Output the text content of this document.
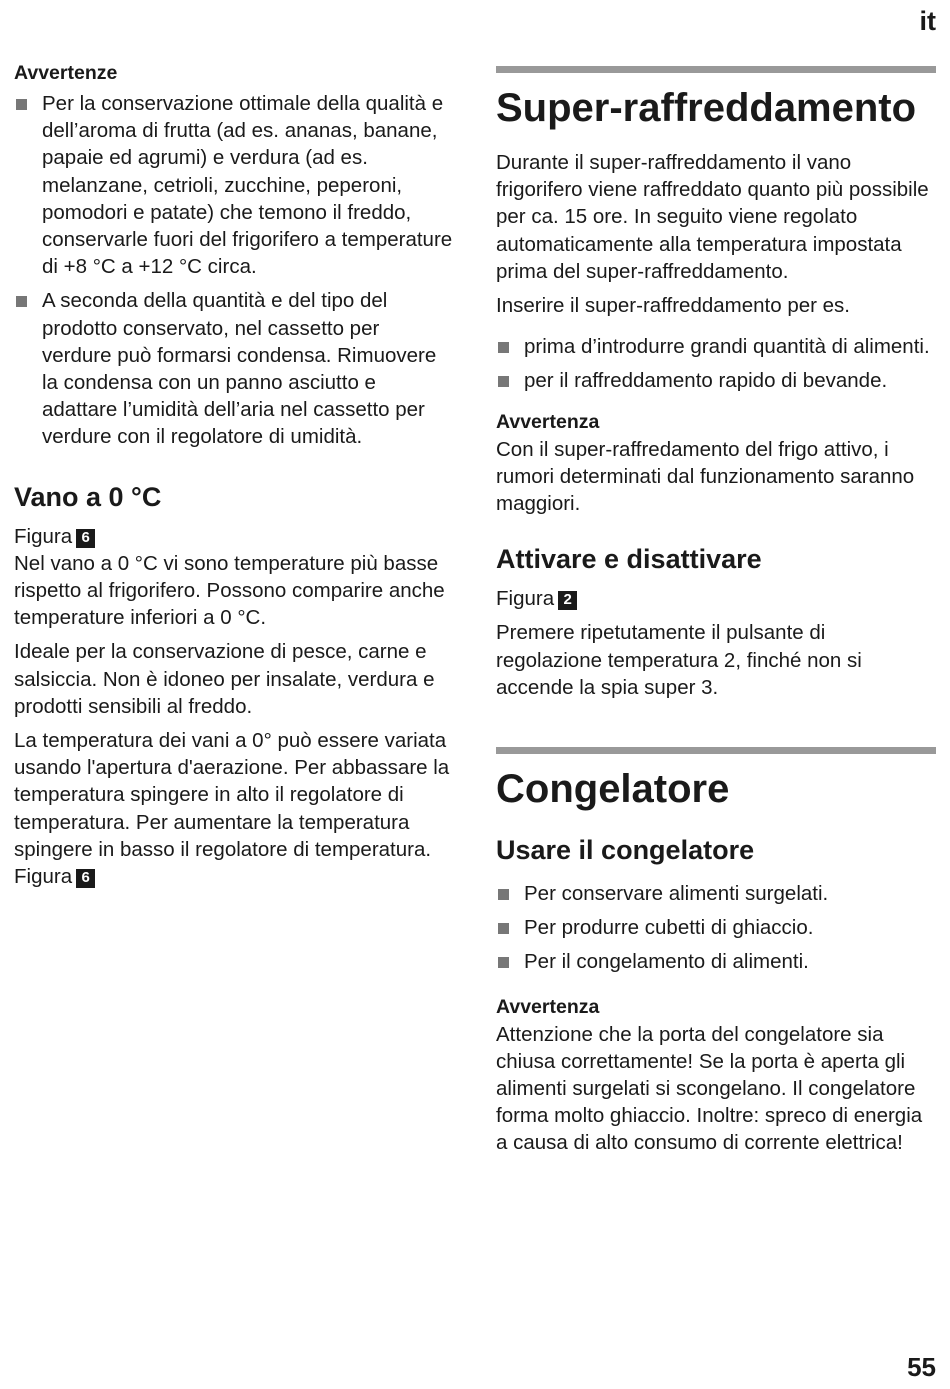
it

Avvertenze

Per la conservazione ottimale della qualità e dell’aroma di frutta (ad es. ananas, banane, papaie ed agrumi) e verdura (ad es. melanzane, cetrioli, zucchine, peperoni, pomodori e patate) che temono il freddo, conservarle fuori del frigorifero a temperature di +8 °C a +12 °C circa.
A seconda della quantità e del tipo del prodotto conservato, nel cassetto per verdure può formarsi condensa. Rimuovere la condensa con un panno asciutto e adattare l’umidità dell’aria nel cassetto per verdure con il regolatore di umidità.
Vano a 0 °C

Figura 6

Nel vano a 0 °C vi sono temperature più basse rispetto al frigorifero. Possono comparire anche temperature inferiori a 0 °C.

Ideale per la conservazione di pesce, carne e salsiccia. Non è idoneo per insalate, verdura e prodotti sensibili al freddo.

La temperatura dei vani a 0° può essere variata usando l'apertura d'aerazione. Per abbassare la temperatura spingere in alto il regolatore di temperatura. Per aumentare la temperatura spingere in basso il regolatore di temperatura.

Figura 6

Super-raffreddamento

Durante il super-raffreddamento il vano frigorifero viene raffreddato quanto più possibile per ca. 15 ore. In seguito viene regolato automaticamente alla temperatura impostata prima del super-raffreddamento.

Inserire il super-raffreddamento per es.

prima d’introdurre grandi quantità di alimenti.
per il raffreddamento rapido di bevande.

Avvertenza

Con il super-raffredamento del frigo attivo, i rumori determinati dal funzionamento saranno maggiori.

Attivare e disattivare

Figura 2

Premere ripetutamente il pulsante di regolazione temperatura 2, finché non si accende la spia super 3.

Congelatore
Usare il congelatore
Per conservare alimenti surgelati.
Per produrre cubetti di ghiaccio.
Per il congelamento di alimenti.

Avvertenza

Attenzione che la porta del congelatore sia chiusa correttamente! Se la porta è aperta gli alimenti surgelati si scongelano. Il congelatore forma molto ghiaccio. Inoltre: spreco di energia a causa di alto consumo di corrente elettrica!

55
